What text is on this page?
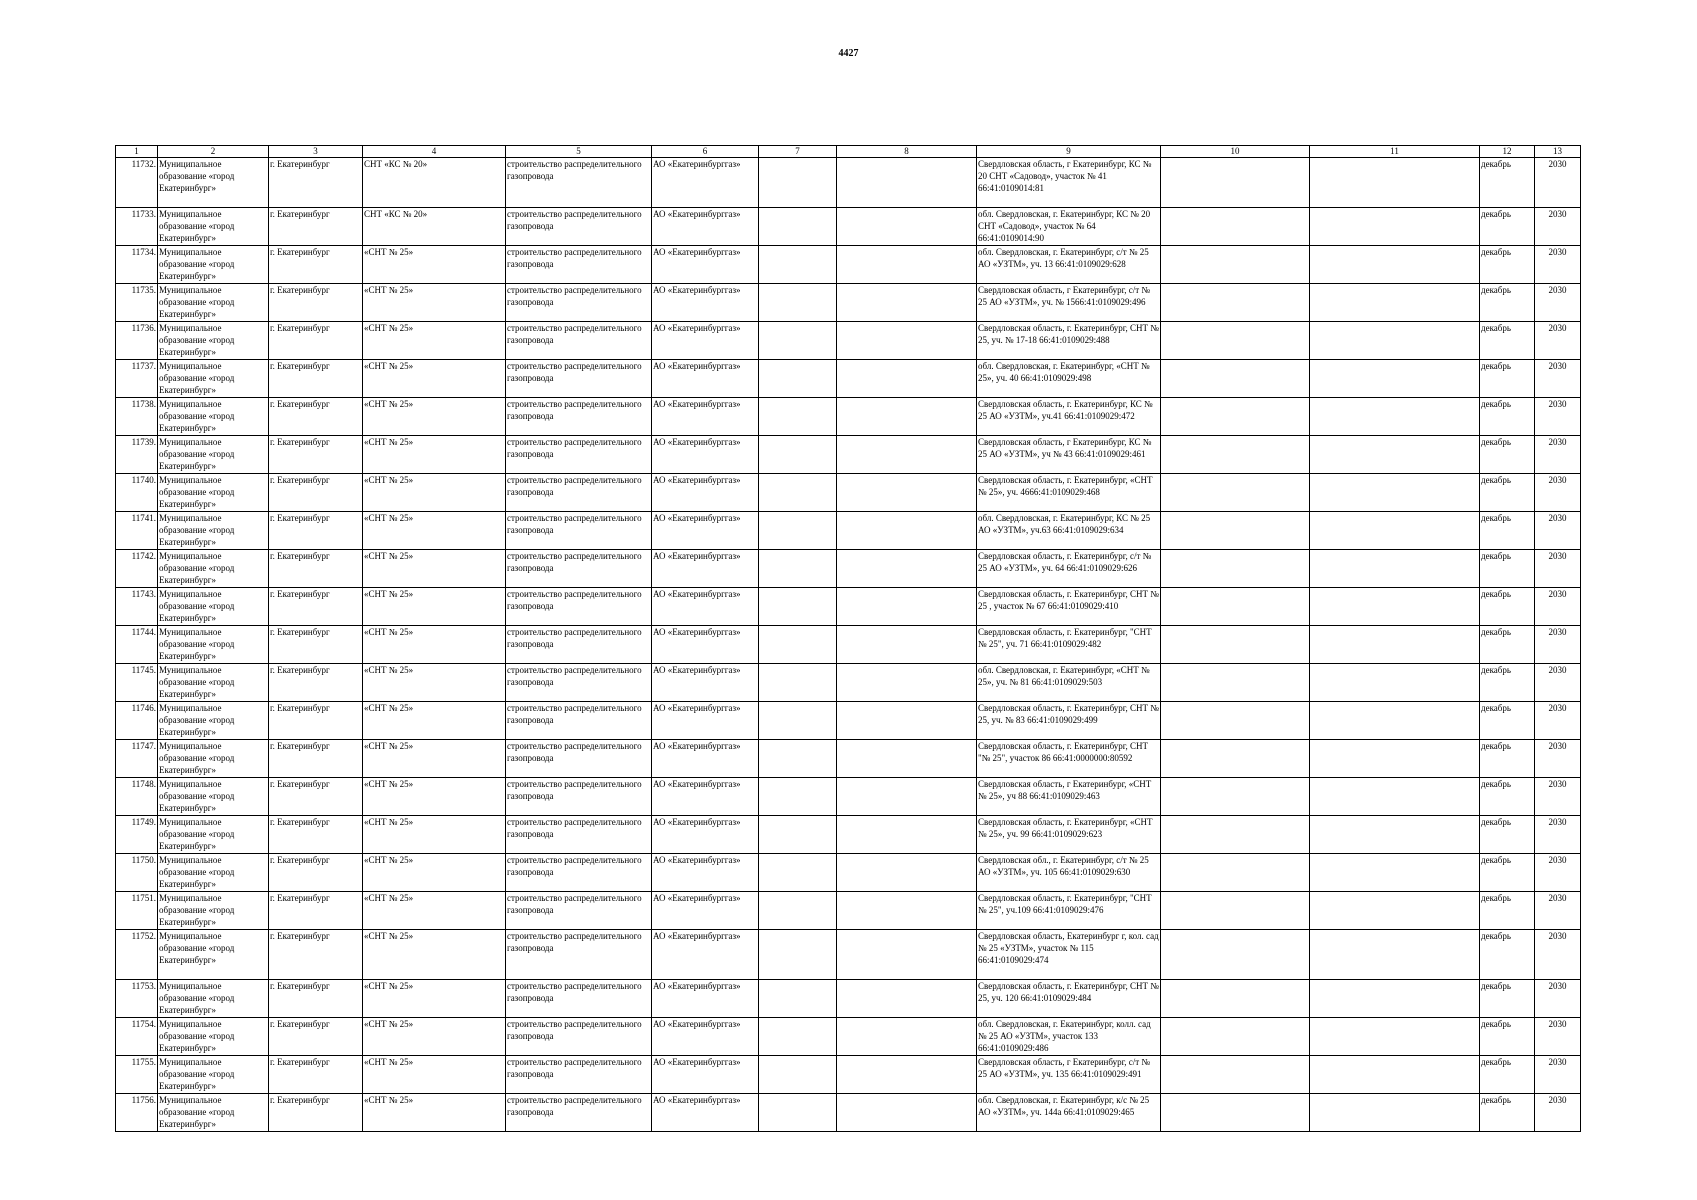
4427
1	2	3	4	5	6	7	8	9	10	11	12	13
11732.	Муниципальное образование «город Екатеринбург»	г. Екатеринбург	СНТ «КС № 20»	строительство распределительного газопровода	АО «Екатеринбурггаз»			Свердловская область, г Екатеринбург, КС № 20 СНТ «Садовод», участок № 41 66:41:0109014:81			декабрь	2030
11733.	Муниципальное образование «город Екатеринбург»	г. Екатеринбург	СНТ «КС № 20»	строительство распределительного газопровода	АО «Екатеринбурггаз»			обл. Свердловская, г. Екатеринбург, КС № 20 СНТ «Садовод», участок № 64 66:41:0109014:90			декабрь	2030
11734.	Муниципальное образование «город Екатеринбург»	г. Екатеринбург	«СНТ № 25»	строительство распределительного газопровода	АО «Екатеринбурггаз»			обл. Свердловская, г. Екатеринбург, с/т № 25 АО «УЗТМ», уч. 13 66:41:0109029:628			декабрь	2030
11735.	Муниципальное образование «город Екатеринбург»	г. Екатеринбург	«СНТ № 25»	строительство распределительного газопровода	АО «Екатеринбурггаз»			Свердловская область, г Екатеринбург, с/т № 25 АО «УЗТМ», уч. № 1566:41:0109029:496			декабрь	2030
11736.	Муниципальное образование «город Екатеринбург»	г. Екатеринбург	«СНТ № 25»	строительство распределительного газопровода	АО «Екатеринбурггаз»			Свердловская область, г. Екатеринбург, СНТ № 25, уч. № 17-18 66:41:0109029:488			декабрь	2030
11737.	Муниципальное образование «город Екатеринбург»	г. Екатеринбург	«СНТ № 25»	строительство распределительного газопровода	АО «Екатеринбурггаз»			обл. Свердловская, г. Екатеринбург, «СНТ № 25», уч. 40 66:41:0109029:498			декабрь	2030
11738.	Муниципальное образование «город Екатеринбург»	г. Екатеринбург	«СНТ № 25»	строительство распределительного газопровода	АО «Екатеринбурггаз»			Свердловская область, г. Екатеринбург, КС № 25 АО «УЗТМ», уч.41 66:41:0109029:472			декабрь	2030
11739.	Муниципальное образование «город Екатеринбург»	г. Екатеринбург	«СНТ № 25»	строительство распределительного газопровода	АО «Екатеринбурггаз»			Свердловская область, г Екатеринбург, КС № 25 АО «УЗТМ», уч № 43 66:41:0109029:461			декабрь	2030
11740.	Муниципальное образование «город Екатеринбург»	г. Екатеринбург	«СНТ № 25»	строительство распределительного газопровода	АО «Екатеринбурггаз»			Свердловская область, г. Екатеринбург, «СНТ № 25», уч. 4666:41:0109029:468			декабрь	2030
11741.	Муниципальное образование «город Екатеринбург»	г. Екатеринбург	«СНТ № 25»	строительство распределительного газопровода	АО «Екатеринбурггаз»			обл. Свердловская, г. Екатеринбург, КС № 25 АО «УЗТМ», уч.63 66:41:0109029:634			декабрь	2030
11742.	Муниципальное образование «город Екатеринбург»	г. Екатеринбург	«СНТ № 25»	строительство распределительного газопровода	АО «Екатеринбурггаз»			Свердловская область, г. Екатеринбург, с/т № 25 АО «УЗТМ», уч. 64 66:41:0109029:626			декабрь	2030
11743.	Муниципальное образование «город Екатеринбург»	г. Екатеринбург	«СНТ № 25»	строительство распределительного газопровода	АО «Екатеринбурггаз»			Свердловская область, г. Екатеринбург, СНТ № 25 , участок № 67 66:41:0109029:410			декабрь	2030
11744.	Муниципальное образование «город Екатеринбург»	г. Екатеринбург	«СНТ № 25»	строительство распределительного газопровода	АО «Екатеринбурггаз»			Свердловская область, г. Екатеринбург, "СНТ № 25", уч. 71 66:41:0109029:482			декабрь	2030
11745.	Муниципальное образование «город Екатеринбург»	г. Екатеринбург	«СНТ № 25»	строительство распределительного газопровода	АО «Екатеринбурггаз»			обл. Свердловская, г. Екатеринбург, «СНТ № 25», уч. № 81 66:41:0109029:503			декабрь	2030
11746.	Муниципальное образование «город Екатеринбург»	г. Екатеринбург	«СНТ № 25»	строительство распределительного газопровода	АО «Екатеринбурггаз»			Свердловская область, г. Екатеринбург, СНТ № 25, уч. № 83 66:41:0109029:499			декабрь	2030
11747.	Муниципальное образование «город Екатеринбург»	г. Екатеринбург	«СНТ № 25»	строительство распределительного газопровода	АО «Екатеринбурггаз»			Свердловская область, г. Екатеринбург, СНТ "№ 25", участок 86 66:41:0000000:80592			декабрь	2030
11748.	Муниципальное образование «город Екатеринбург»	г. Екатеринбург	«СНТ № 25»	строительство распределительного газопровода	АО «Екатеринбурггаз»			Свердловская область, г Екатеринбург, «СНТ № 25», уч 88 66:41:0109029:463			декабрь	2030
11749.	Муниципальное образование «город Екатеринбург»	г. Екатеринбург	«СНТ № 25»	строительство распределительного газопровода	АО «Екатеринбурггаз»			Свердловская область, г. Екатеринбург, «СНТ № 25», уч. 99 66:41:0109029:623			декабрь	2030
11750.	Муниципальное образование «город Екатеринбург»	г. Екатеринбург	«СНТ № 25»	строительство распределительного газопровода	АО «Екатеринбурггаз»			Свердловская обл., г. Екатеринбург, с/т № 25 АО «УЗТМ», уч. 105 66:41:0109029:630			декабрь	2030
11751.	Муниципальное образование «город Екатеринбург»	г. Екатеринбург	«СНТ № 25»	строительство распределительного газопровода	АО «Екатеринбурггаз»			Свердловская область, г. Екатеринбург, "СНТ № 25", уч.109 66:41:0109029:476			декабрь	2030
11752.	Муниципальное образование «город Екатеринбург»	г. Екатеринбург	«СНТ № 25»	строительство распределительного газопровода	АО «Екатеринбурггаз»			Свердловская область, Екатеринбург г, кол. сад № 25 «УЗТМ», участок № 115 66:41:0109029:474			декабрь	2030
11753.	Муниципальное образование «город Екатеринбург»	г. Екатеринбург	«СНТ № 25»	строительство распределительного газопровода	АО «Екатеринбурггаз»			Свердловская область, г. Екатеринбург, СНТ № 25, уч. 120 66:41:0109029:484			декабрь	2030
11754.	Муниципальное образование «город Екатеринбург»	г. Екатеринбург	«СНТ № 25»	строительство распределительного газопровода	АО «Екатеринбурггаз»			обл. Свердловская, г. Екатеринбург, колл. сад № 25 АО «УЗТМ», участок 133 66:41:0109029:486			декабрь	2030
11755.	Муниципальное образование «город Екатеринбург»	г. Екатеринбург	«СНТ № 25»	строительство распределительного газопровода	АО «Екатеринбурггаз»			Свердловская область, г Екатеринбург, с/т № 25 АО «УЗТМ», уч. 135 66:41:0109029:491			декабрь	2030
11756.	Муниципальное образование «город Екатеринбург»	г. Екатеринбург	«СНТ № 25»	строительство распределительного газопровода	АО «Екатеринбурггаз»			обл. Свердловская, г. Екатеринбург, к/с № 25 АО «УЗТМ», уч. 144а 66:41:0109029:465			декабрь	2030
